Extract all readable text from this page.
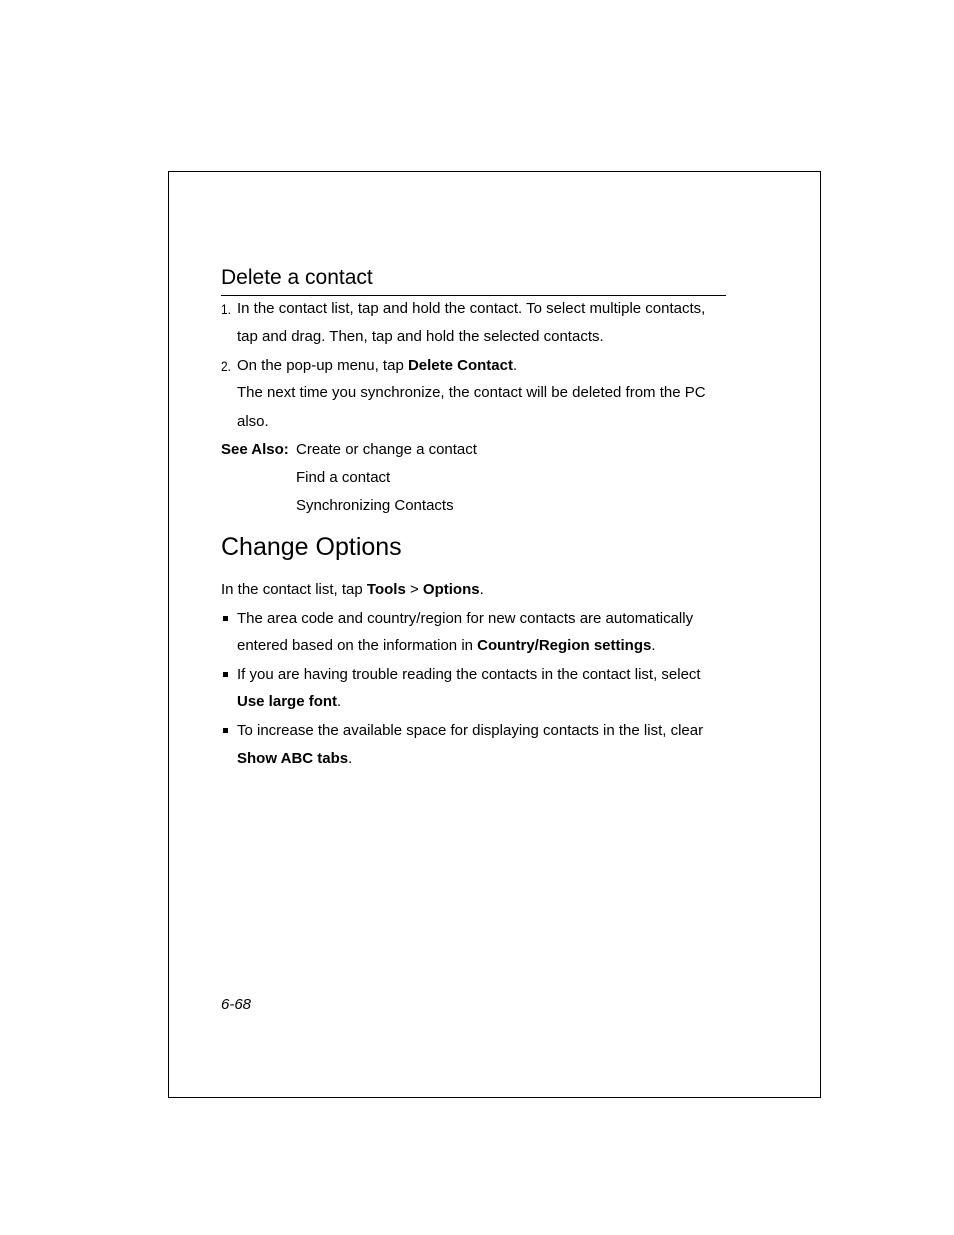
Delete a contact
1. In the contact list, tap and hold the contact. To select multiple contacts,
tap and drag. Then, tap and hold the selected contacts.
2. On the pop-up menu, tap Delete Contact.
The next time you synchronize, the contact will be deleted from the PC
also.
See Also: Create or change a contact
Find a contact
Synchronizing Contacts
Change Options
In the contact list, tap Tools > Options.
The area code and country/region for new contacts are automatically
entered based on the information in Country/Region settings.
If you are having trouble reading the contacts in the contact list, select
Use large font.
To increase the available space for displaying contacts in the list, clear
Show ABC tabs.
6-68
